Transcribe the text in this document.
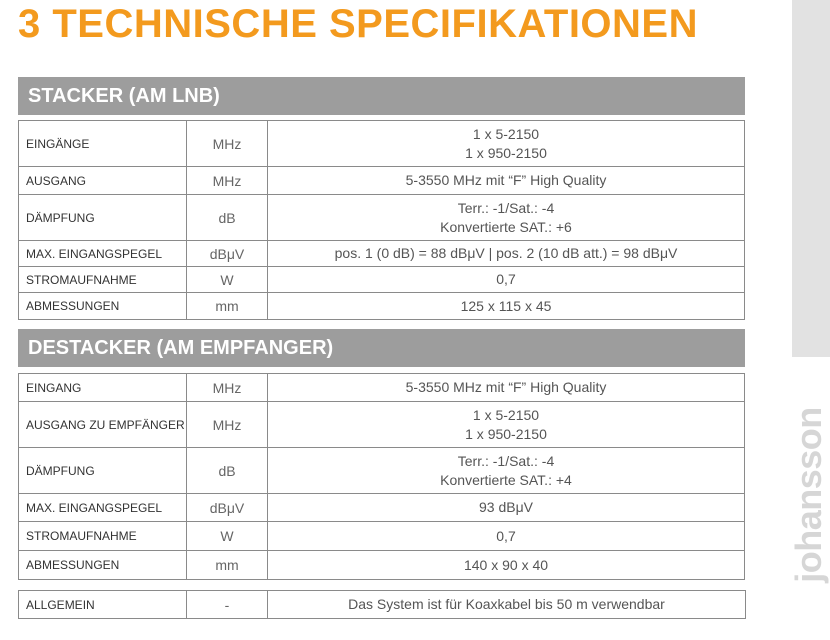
3 TECHNISCHE SPECIFIKATIONEN
STACKER (AM LNB)
EINGÄNGE	MHz	1 x 5-2150
1 x 950-2150

AUSGANG	MHz	5-3550 MHz mit “F” High Quality

DÄMPFUNG	dB	Terr.: -1/Sat.: -4
Konvertierte SAT.: +6

MAX. EINGANGSPEGEL	dBμV	pos. 1 (0 dB) = 88 dBμV | pos. 2 (10 dB att.) = 98 dBμV

STROMAUFNAHME	W	0,7

ABMESSUNGEN	mm	125 x 115 x 45
DESTACKER (AM EMPFANGER)
EINGANG	MHz	5-3550 MHz mit “F” High Quality

AUSGANG ZU EMPFÄNGER	MHz	1 x 5-2150
1 x 950-2150

DÄMPFUNG	dB	Terr.: -1/Sat.: -4
Konvertierte SAT.: +4

MAX. EINGANGSPEGEL	dBμV	93 dBμV

STROMAUFNAHME	W	0,7

ABMESSUNGEN	mm	140 x 90 x 40
ALLGEMEIN	-	Das System ist für Koaxkabel bis 50 m verwendbar
johansson
